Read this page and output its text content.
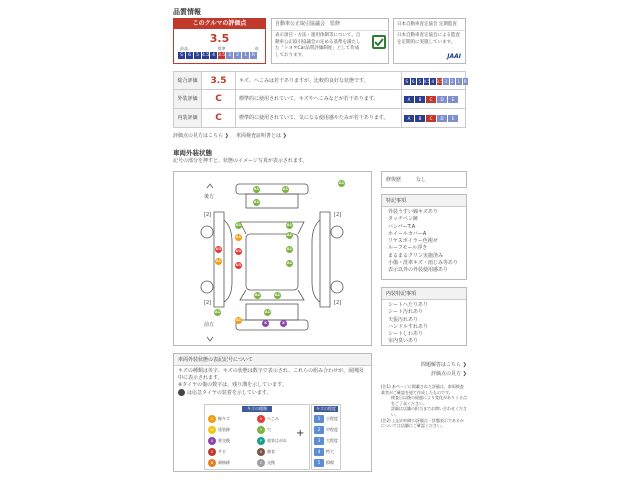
品質情報
このクルマの評価点
3.5
最高	標準	低
S 6 5 4.5 4 3.5 3 2 1 R
自動車公正取引協議会　監修
表示項目・方法・運用体制等について、自動車公正取引協議会の定める基準を満たした「トヨタCar品質評価制度」として作成しております。
日本自動車査定協会 定期監査
日本自動車査定協会による監査を定期的に実施しています。
JAAI
総合評価	3.5	キズ、へこみは若干ありますが、比較的良好な状態です。	S 6 5 4.5 4 3.5 3 2 1 R
外装評価	C	標準的に使用されていて、キズやへこみなどが若干あります。	A B C D E
内装評価	C	標準的に使用されていて、気になる使用感やたみが若干あります。	A B C D E
評価点の見方はこちら ❯ 車両検査証明書とは ❯
車両外装状態
記号の部分を押すと、状態のイメージ写真が表示されます。
後方
前方
[2]	[2]
[2]	[2]
A1	A1
A1
A1
A1	A1
A1	A1
U1	U1	A1
A1	A1
U1
A1	A1
A1	A1
A1
X	X
修復歴	なし
特記事項
外装うすい線キズあり
タッチペン跡
バンパーT.A
ホイールカバーA
リヤスポイラー色褪せ
ルーフモール浮き
まるまるクリン実施済み
小傷・洗車キズ・雨じみ等あり
表示以外の外装使用感あり
内装特記事項
シートへたりあり
シート汚れあり
天張汚れあり
ハンドルすれあり
シートしわあり
室内臭いあり
車両外装状態の表記記号について
キズの種類は英字、キズの状態は数字で表示され、これらの組み合わせが、展開図中に表示されます。
※タイヤの傷の数字は、残り溝を示しています。
は応急タイヤの装着を示しています。
キズの種類
A 線キズ	U へこみ
W 塗装跡	Y 穴
X 要交換	P 塗装はがれ
S サビ	G 腐食
B 補修跡	C 交換
+
キズの程度
1 小程度
2 中程度
3 大程度
4 特大
5 損傷
問題解答はこちら ❯
評価点の見方 ❯
(注1) 本ページに掲載された評価は、車両検査業者がご確認を経て作成したものです。
検査日以後の経過により変化がありうる点をご了承ください。
詳細は店舗の担当までお問い合わせください。
(注2) 上記が何時の評価点・状態表示であるかについては店舗にご確認ください。
